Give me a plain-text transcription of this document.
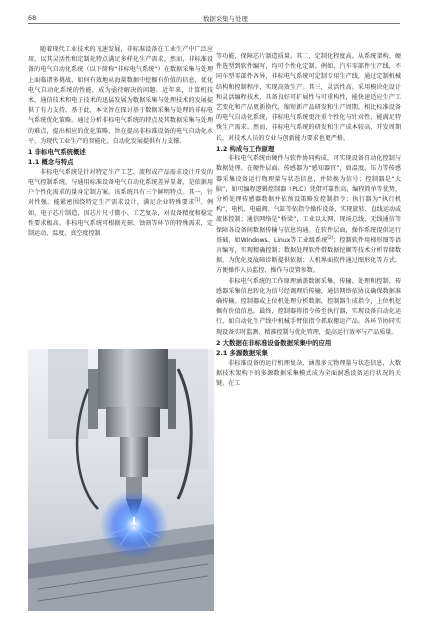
68	数据采集与处理

随着现代工业技术的飞速发展，非标准设备在工业生产中广泛应用，以其灵活性和定制化特点满足多样化生产需求。然而，非标准设备的电气自动化系统（以下简称“非标电气系统”）在数据采集与处理上面临诸多挑战，如何有效地从海量数据中挖掘有价值的信息，优化电气自动化系统的性能，成为亟待解决的问题。近年来，计算机技术、通信技术和电子技术的迅猛发展为数据采集与处理技术的发展提供了有力支持。基于此，本文旨在探讨基于数据采集与处理的非标电气系统优化策略。通过分析非标电气系统的特点及其数据采集与处理的难点，提出相应的优化策略，旨在提高非标准设备的电气自动化水平，为现代工业生产的智能化、自动化发展提供有力支撑。

1 非标电气系统概述
1.1 概念与特点

非标电气系统是针对特定生产工艺、流程或产品需求设计开发的电气控制系统，与通用标准设备电气自动化系统差异显著，是依据用户个性化需求的量身定制方案。该系统具有三个鲜明特点。其一，针对性强。能紧密围绕特定生产需求设计，满足企业特殊要求[1]。例如，电子芯片制造，因芯片尺寸微小、工艺复杂，对设备精度和稳定性要求极高。非标电气系统可根据光刻、蚀刻等环节的特殊需求，定制运动、温度、真空度控制

等功能，保障芯片制造质量。其二，定制化程度高。从系统架构、硬件选型到软件编写，均可个性化定制。例如，汽车零部件生产线，不同车型零部件各异，非标电气系统可定制专用生产线，通过定制机械结构和控制程序，实现高效生产。其三，灵活性高。采用模块化设计和灵活编程技术，具备良好可扩展性与可重构性，能快速适应生产工艺变化和产品更新换代，缩短新产品研发和生产周期。相比标准设备的电气自动化系统，非标电气系统更注重个性化与针对性，能满足特殊生产需求。然而，非标电气系统的研发和生产成本较高，开发周期长，对技术人员的专业与创新能力要求也更严格。

1.2 构成与工作原理

非标电气系统由硬件与软件协同构成，可实现设备自动化控制与数据处理。在硬件层面，传感器为“感知器官”，如温度、压力等传感器采集设备运行物理量与状态信息，并转换为信号；控制器是“大脑”，如可编程逻辑控制器（PLC）凭借可靠性高、编程简单等优势，分析处理传感器数据并依预设策略发控制指令；执行器为“执行机构”，电机、电磁阀、气缸等依指令操作设备，实现旋转、直线运动或流体控制；通信网络是“桥梁”，工业以太网、现场总线、无线通信等保障各设备间数据传输与信息沟通。在软件层面，操作系统提供运行基础，如Windows、Linux等工业级系统[2]；控制软件用梯形图等语言编写，实现精确控制；数据处理软件借数据挖掘等技术分析存储数据，为优化及故障诊断提供依据；人机界面软件通过图形化等方式，方便操作人员监控、操作与设置参数。

非标电气系统的工作原理涵盖数据采集、传输、处理和控制。传感器采集信息转化为信号经调理后传输，通信网络依协议确保数据准确传输。控制器或上位机处理分析数据，控制器生成指令，上位机挖掘有价值信息。最终，控制器将指令传至执行器，实现设备自动化运行，如自动化生产线中机械手臂依指令抓取搬运产品。各环节协同实现设备实时监测、精准控制与优化管理，提高运行效率与产品质量。

2 大数据在非标准设备数据采集中的应用
2.1 多源数据采集

非标准设备的运行机理复杂，涵盖多元物理量与状态信息，大数据技术架构下的多源数据采集模式成为全面洞悉设备运行状况的关键。在工
